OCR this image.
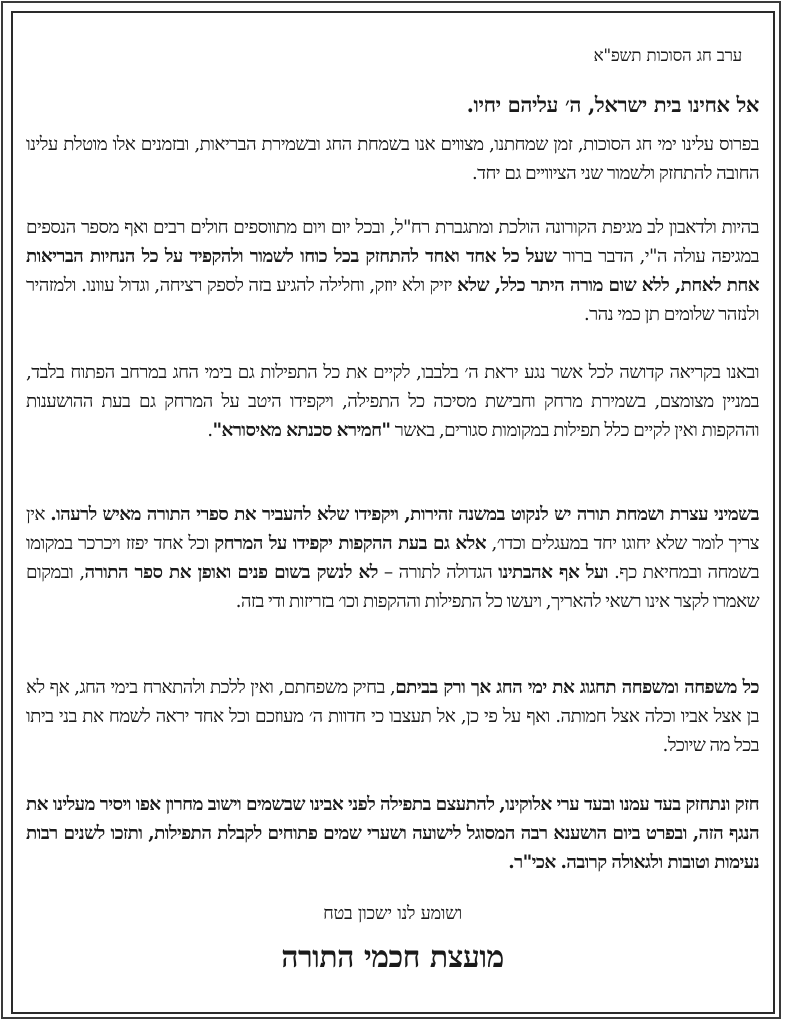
ערב חג הסוכות תשפ"א

אל אחינו בית ישראל, ה׳ עליהם יחיו.

בפרוס עלינו ימי חג הסוכות, זמן שמחתנו, מצווים אנו בשמחת החג ובשמירת הבריאות, ובזמנים אלו מוטלת עלינו החובה להתחזק ולשמור שני הציוויים גם יחד.

בהיות ולדאבון לב מגיפת הקורונה הולכת ומתגברת רח"ל, ובכל יום ויום מתווספים חולים רבים ואף מספר הנספים במגיפה עולה ה"י, הדבר ברור שעל כל אחד ואחד להתחזק בכל כוחו לשמור ולהקפיד על כל הנחיות הבריאות אחת לאחת, ללא שום מורה היתר כלל, שלא יזיק ולא יוזק, וחלילה להגיע בזה לספק רציחה, וגדול עוונו. ולמזהיר ולנזהר שלומים תן כמי נהר.

ובאנו בקריאה קדושה לכל אשר נגע יראת ה׳ בלבבו, לקיים את כל התפילות גם בימי החג במרחב הפתוח בלבד, במניין מצומצם, בשמירת מרחק וחבישת מסיכה כל התפילה, ויקפידו היטב על המרחק גם בעת ההושענות וההקפות ואין לקיים כלל תפילות במקומות סגורים, באשר "חמירא סכנתא מאיסורא".

בשמיני עצרת ושמחת תורה יש לנקוט במשנה זהירות, ויקפידו שלא להעביר את ספרי התורה מאיש לרעהו. אין צריך לומר שלא יחוגו יחד במעגלים וכדו׳, אלא גם בעת ההקפות יקפידו על המרחק וכל אחד יפזז ויכרכר במקומו בשמחה ובמחיאת כף. ועל אף אהבתינו הגדולה לתורה – לא לנשק בשום פנים ואופן את ספר התורה, ובמקום שאמרו לקצר אינו רשאי להאריך, ויעשו כל התפילות וההקפות וכו׳ בזריזות ודי בזה.

כל משפחה ומשפחה תחגוג את ימי החג אך ורק בביתם, בחיק משפחתם, ואין ללכת ולהתארח בימי החג, אף לא בן אצל אביו וכלה אצל חמותה. ואף על פי כן, אל תעצבו כי חדוות ה׳ מעוזכם וכל אחד יראה לשמח את בני ביתו בכל מה שיוכל.

חזק ונתחזק בעד עמנו ובעד ערי אלוקינו, להתעצם בתפילה לפני אבינו שבשמים וישוב מחרון אפו ויסיר מעלינו את הנגף הזה, ובפרט ביום הושענא רבה המסוגל לישועה ושערי שמים פתוחים לקבלת התפילות, ותזכו לשנים רבות נעימות וטובות ולגאולה קרובה. אכי"ר.

ושומע לנו ישכון בטח

מועצת חכמי התורה
